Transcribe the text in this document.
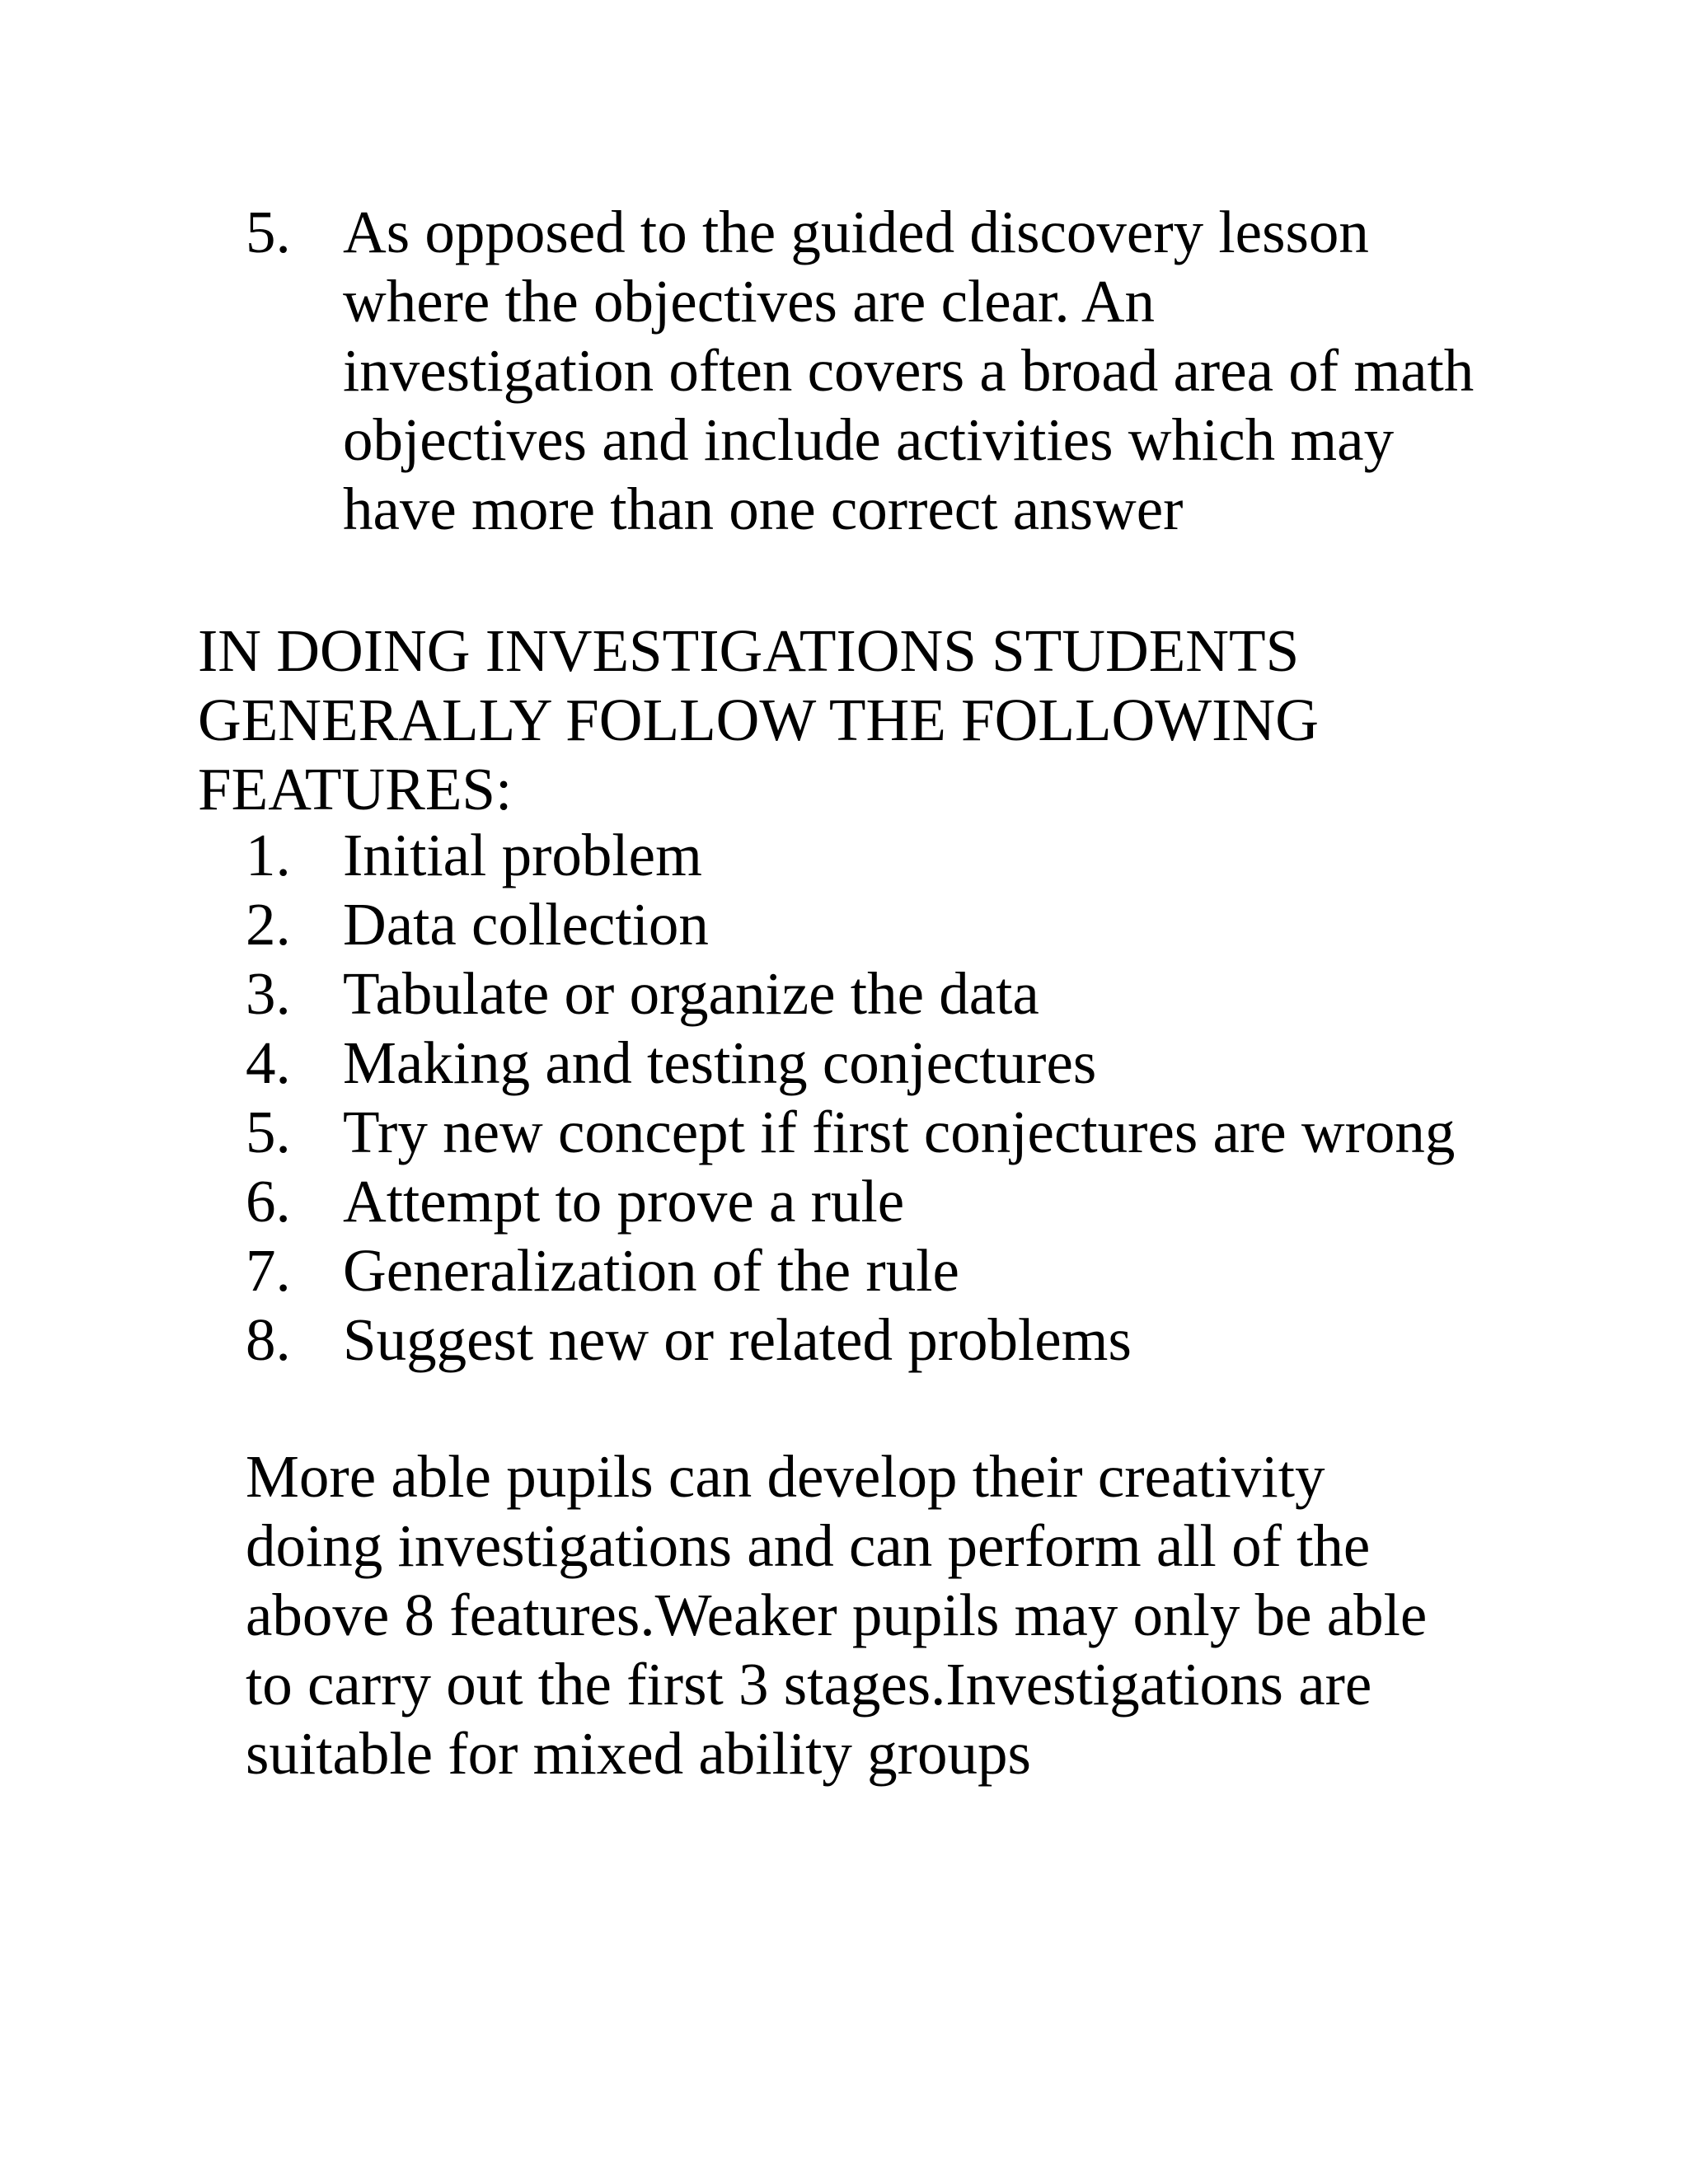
5. As opposed to the guided discovery lesson
where the objectives are clear. An
investigation often covers a broad area of math
objectives and include activities which may
have more than one correct answer
IN DOING INVESTIGATIONS STUDENTS
GENERALLY FOLLOW THE FOLLOWING
FEATURES:
1. Initial problem
2. Data collection
3. Tabulate or organize the data
4. Making and testing conjectures
5. Try new concept if first conjectures are wrong
6. Attempt to prove a rule
7. Generalization of the rule
8. Suggest new or related problems
More able pupils can develop their creativity
doing investigations and can perform all of the
above 8 features.Weaker pupils may only be able
to carry out the first 3 stages.Investigations are
suitable for mixed ability groups
